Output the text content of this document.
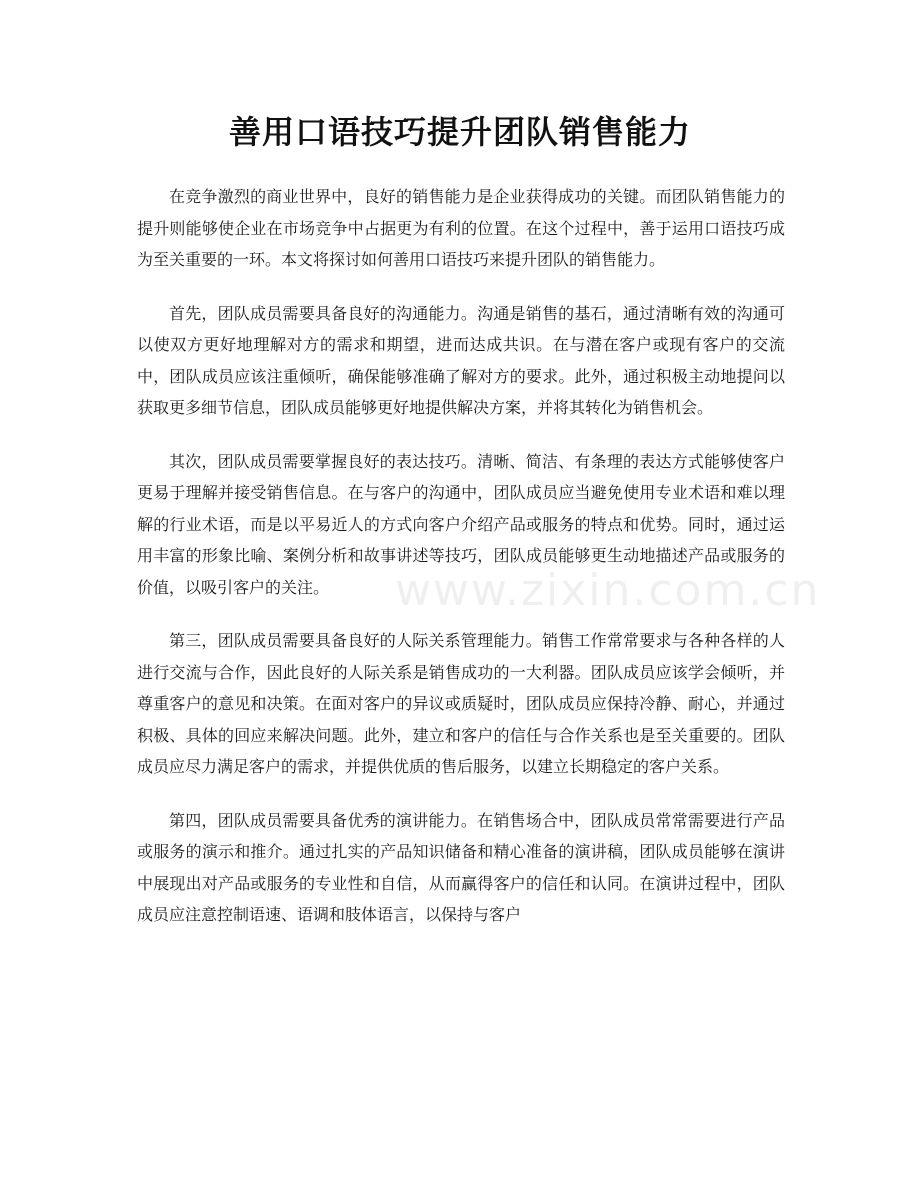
善用口语技巧提升团队销售能力
www.zixin.com.cn

在竞争激烈的商业世界中，良好的销售能力是企业获得成功的关键。而团队销售能力的提升则能够使企业在市场竞争中占据更为有利的位置。在这个过程中，善于运用口语技巧成为至关重要的一环。本文将探讨如何善用口语技巧来提升团队的销售能力。

首先，团队成员需要具备良好的沟通能力。沟通是销售的基石，通过清晰有效的沟通可以使双方更好地理解对方的需求和期望，进而达成共识。在与潜在客户或现有客户的交流中，团队成员应该注重倾听，确保能够准确了解对方的要求。此外，通过积极主动地提问以获取更多细节信息，团队成员能够更好地提供解决方案，并将其转化为销售机会。

其次，团队成员需要掌握良好的表达技巧。清晰、简洁、有条理的表达方式能够使客户更易于理解并接受销售信息。在与客户的沟通中，团队成员应当避免使用专业术语和难以理解的行业术语，而是以平易近人的方式向客户介绍产品或服务的特点和优势。同时，通过运用丰富的形象比喻、案例分析和故事讲述等技巧，团队成员能够更生动地描述产品或服务的价值，以吸引客户的关注。

第三，团队成员需要具备良好的人际关系管理能力。销售工作常常要求与各种各样的人进行交流与合作，因此良好的人际关系是销售成功的一大利器。团队成员应该学会倾听，并尊重客户的意见和决策。在面对客户的异议或质疑时，团队成员应保持冷静、耐心，并通过积极、具体的回应来解决问题。此外，建立和客户的信任与合作关系也是至关重要的。团队成员应尽力满足客户的需求，并提供优质的售后服务，以建立长期稳定的客户关系。

第四，团队成员需要具备优秀的演讲能力。在销售场合中，团队成员常常需要进行产品或服务的演示和推介。通过扎实的产品知识储备和精心准备的演讲稿，团队成员能够在演讲中展现出对产品或服务的专业性和自信，从而赢得客户的信任和认同。在演讲过程中，团队成员应注意控制语速、语调和肢体语言，以保持与客户
